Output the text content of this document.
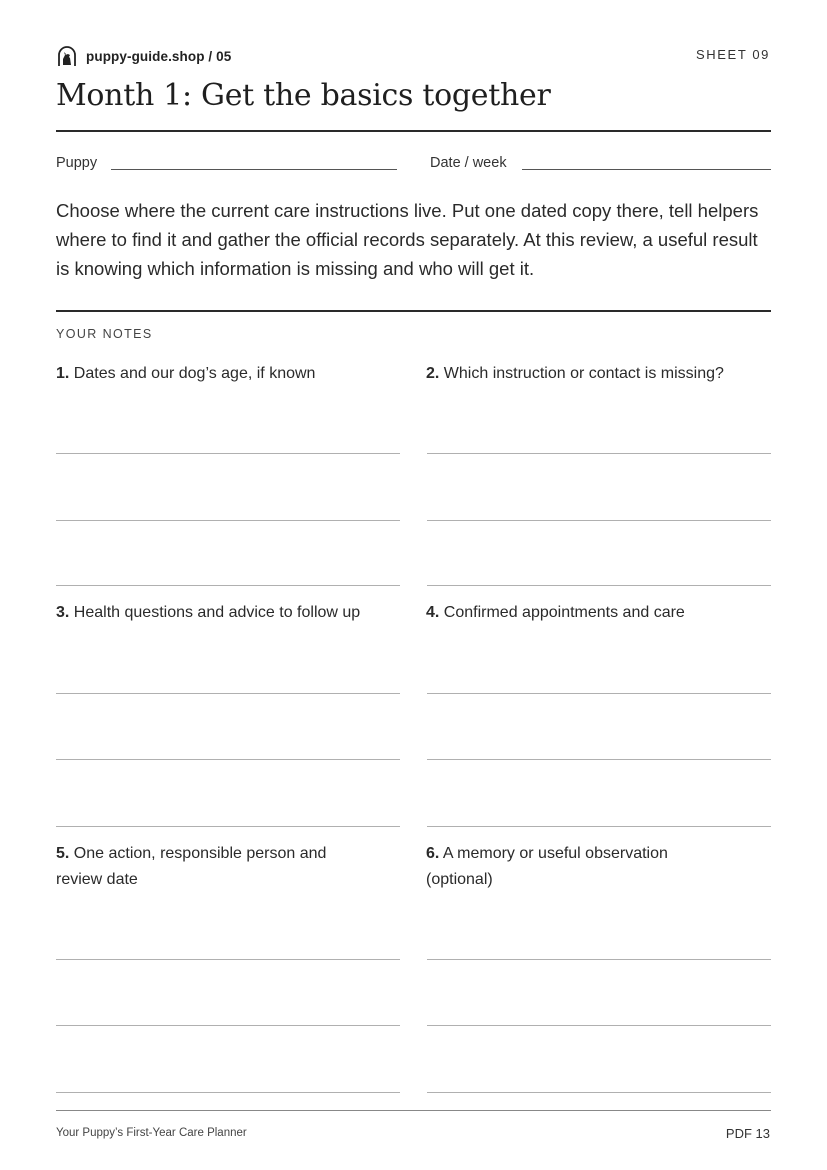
puppy-guide.shop / 05	SHEET 09
Month 1: Get the basics together
Puppy	Date / week

Choose where the current care instructions live. Put one dated copy there, tell helpers where to find it and gather the official records separately. At this review, a useful result is knowing which information is missing and who will get it.

YOUR NOTES
1. Dates and our dog’s age, if known	2. Which instruction or contact is missing?
3. Health questions and advice to follow up	4. Confirmed appointments and care
5. One action, responsible person and review date
6. A memory or useful observation (optional)
Your Puppy’s First-Year Care Planner	PDF 13
